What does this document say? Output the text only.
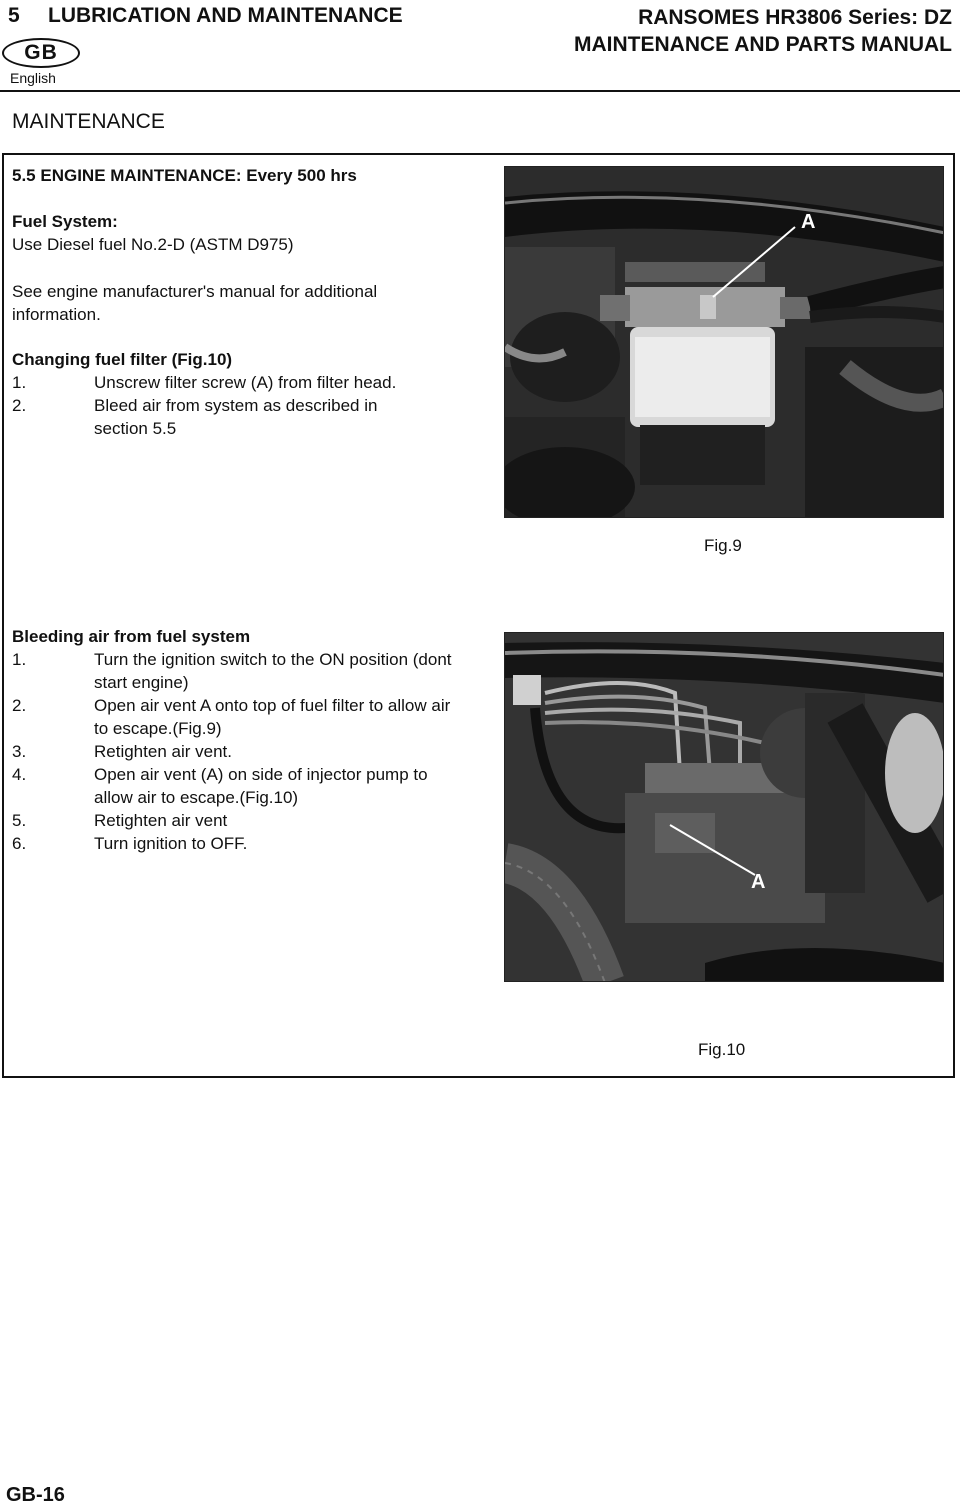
5 LUBRICATION AND MAINTENANCE	RANSOMES HR3806 Series: DZ
MAINTENANCE AND PARTS MANUAL
GB
English
MAINTENANCE
5.5 ENGINE MAINTENANCE: Every 500 hrs
Fuel System:
Use Diesel fuel No.2-D (ASTM D975)
See engine manufacturer's manual for additional
information.
Changing fuel filter (Fig.10)
1.	Unscrew filter screw (A) from filter head.
2.	Bleed air from system as described in section 5.5
Bleeding air from fuel system
1.	Turn the ignition switch to the ON position (dont start engine)
2.	Open air vent A onto top of fuel filter to allow air to escape.(Fig.9)
3.	Retighten air vent.
4.	Open air vent (A) on side of injector pump to allow air to escape.(Fig.10)
5.	Retighten air vent
6.	Turn ignition to OFF.
A
Fig.9
A
Fig.10
GB-16
